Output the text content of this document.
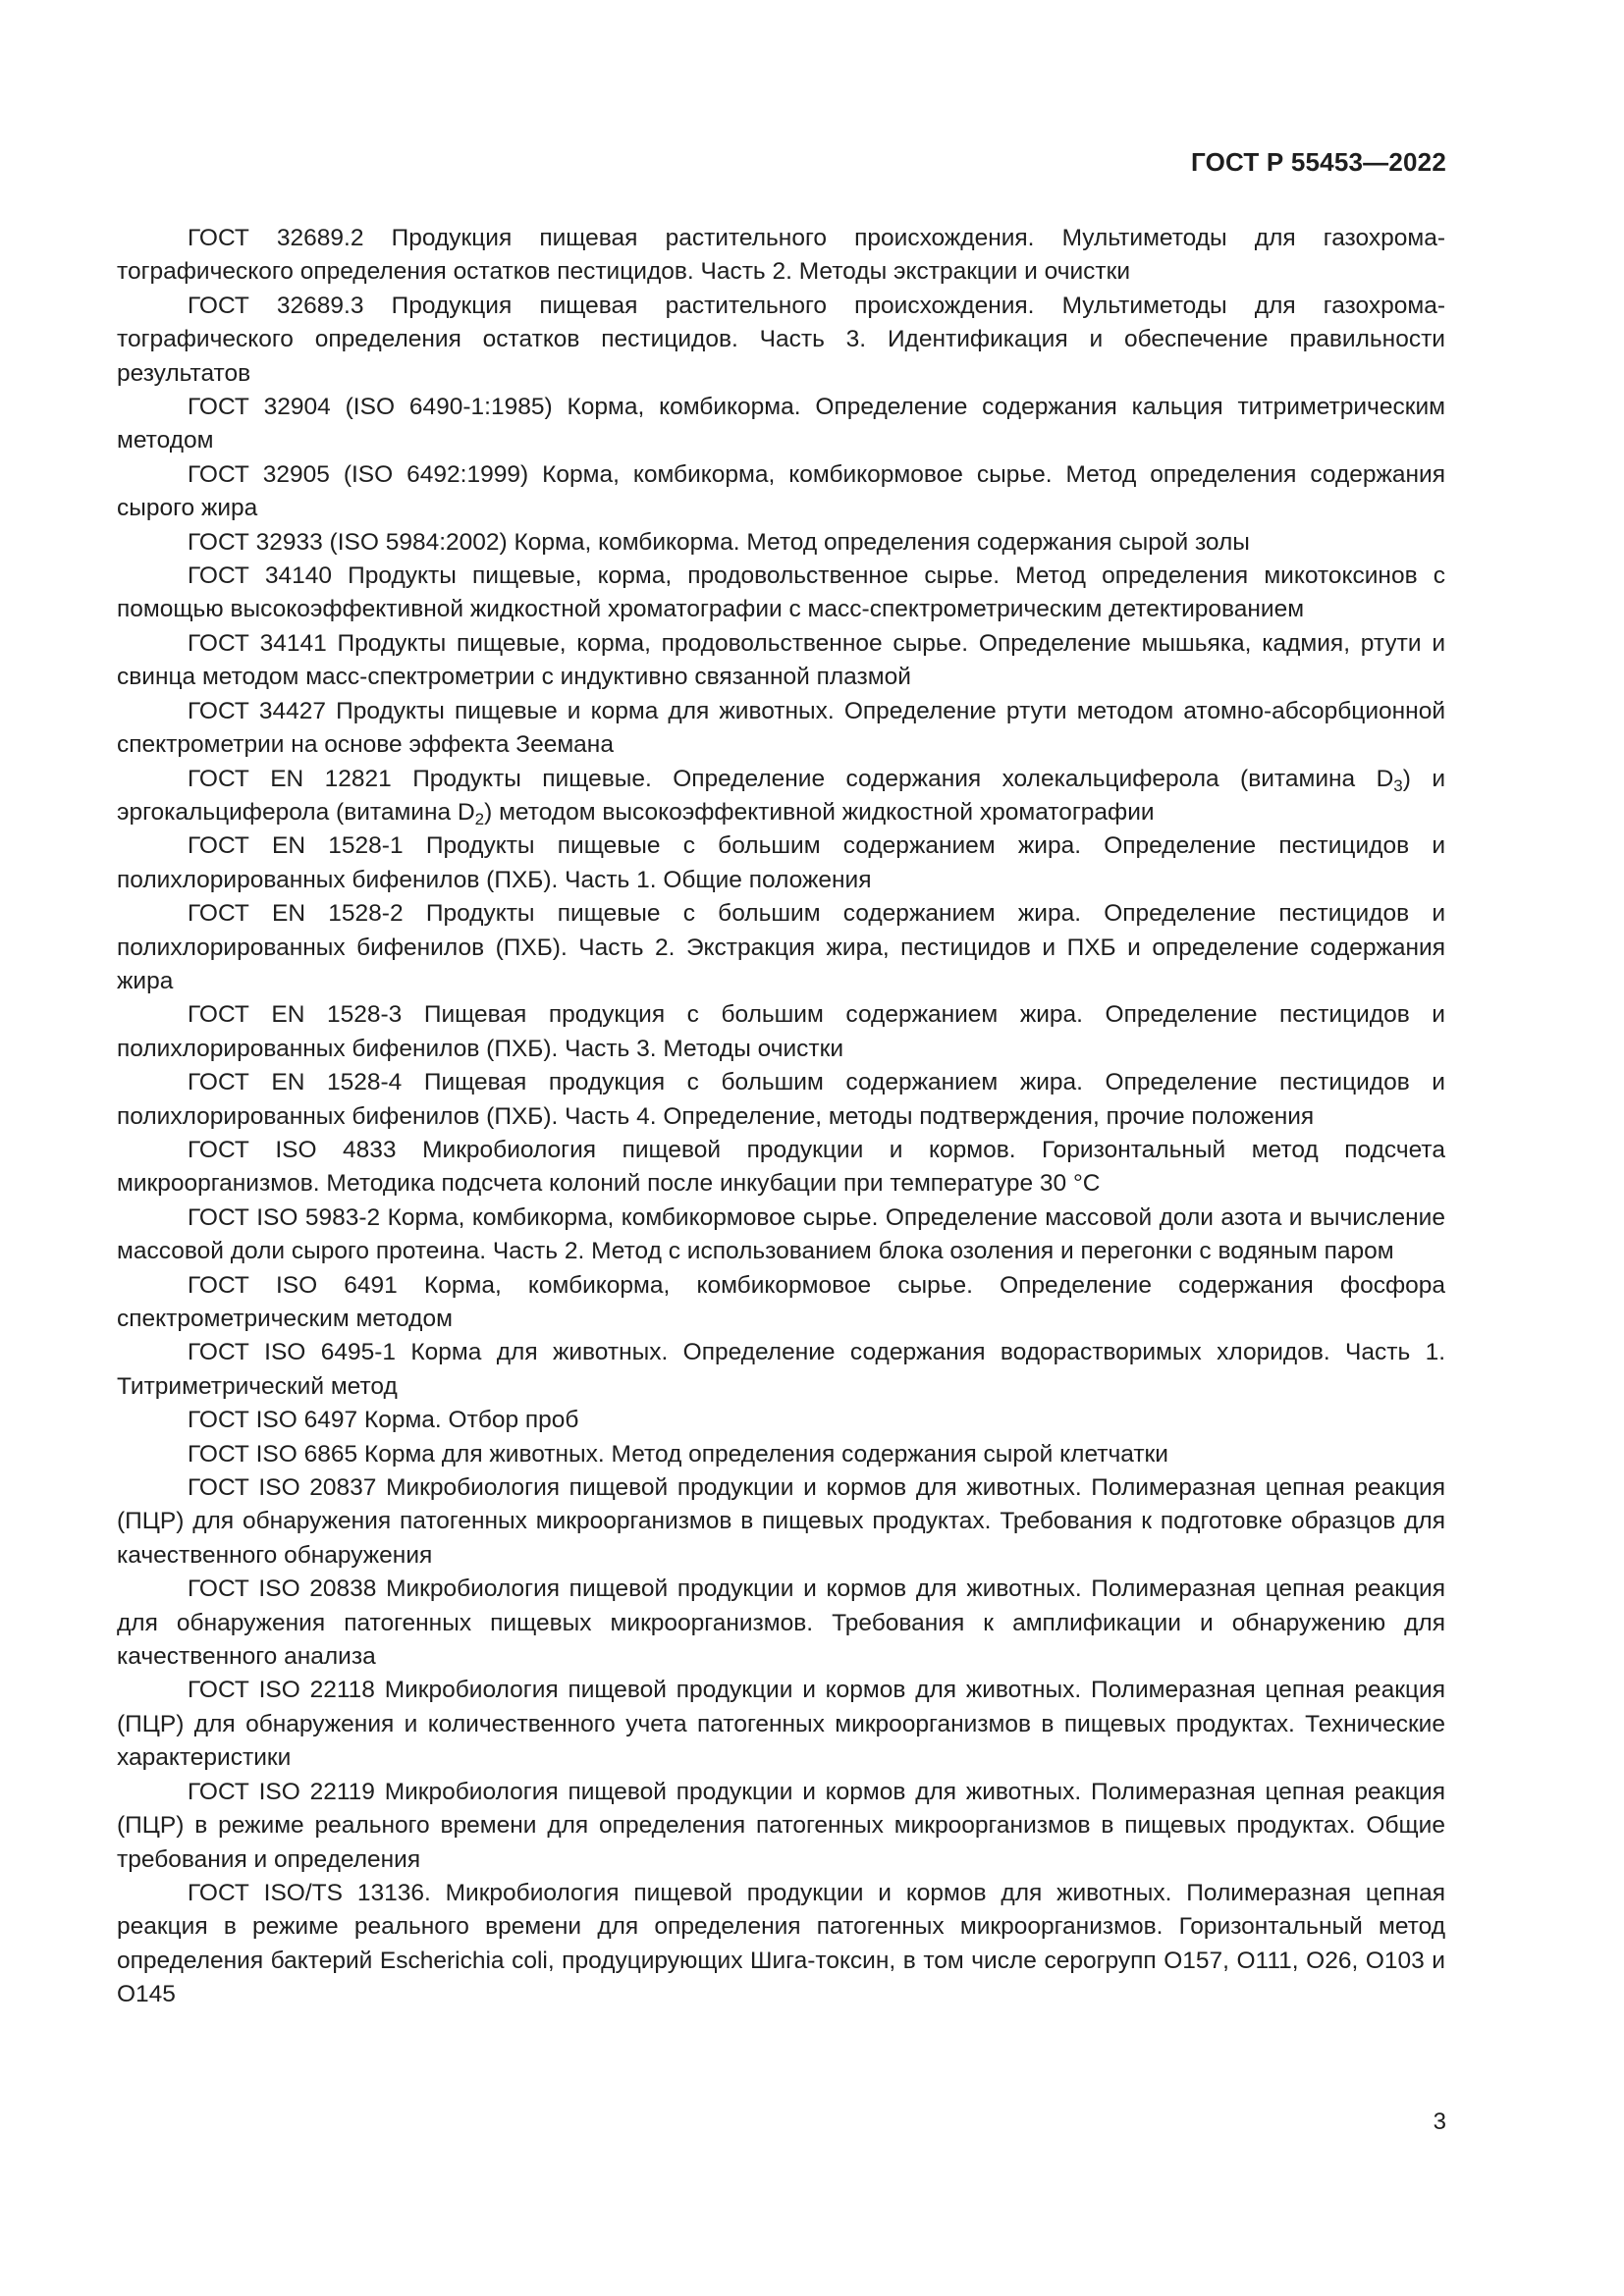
ГОСТ Р 55453—2022

ГОСТ 32689.2 Продукция пищевая растительного происхождения. Мультиметоды для газохроматографического определения остатков пестицидов. Часть 2. Методы экстракции и очистки

ГОСТ 32689.3 Продукция пищевая растительного происхождения. Мультиметоды для газохроматографического определения остатков пестицидов. Часть 3. Идентификация и обеспечение правильности результатов

ГОСТ 32904 (ISO 6490-1:1985) Корма, комбикорма. Определение содержания кальция титриметрическим методом

ГОСТ 32905 (ISO 6492:1999) Корма, комбикорма, комбикормовое сырье. Метод определения содержания сырого жира

ГОСТ 32933 (ISO 5984:2002) Корма, комбикорма. Метод определения содержания сырой золы

ГОСТ 34140 Продукты пищевые, корма, продовольственное сырье. Метод определения микотоксинов с помощью высокоэффективной жидкостной хроматографии с масс-спектрометрическим детектированием

ГОСТ 34141 Продукты пищевые, корма, продовольственное сырье. Определение мышьяка, кадмия, ртути и свинца методом масс-спектрометрии с индуктивно связанной плазмой

ГОСТ 34427 Продукты пищевые и корма для животных. Определение ртути методом атомно-абсорбционной спектрометрии на основе эффекта Зеемана

ГОСТ EN 12821 Продукты пищевые. Определение содержания холекальциферола (витамина $D_3$) и эргокальциферола (витамина $D_2$) методом высокоэффективной жидкостной хроматографии

ГОСТ EN 1528-1 Продукты пищевые с большим содержанием жира. Определение пестицидов и полихлорированных бифенилов (ПХБ). Часть 1. Общие положения

ГОСТ EN 1528-2 Продукты пищевые с большим содержанием жира. Определение пестицидов и полихлорированных бифенилов (ПХБ). Часть 2. Экстракция жира, пестицидов и ПХБ и определение содержания жира

ГОСТ EN 1528-3 Пищевая продукция с большим содержанием жира. Определение пестицидов и полихлорированных бифенилов (ПХБ). Часть 3. Методы очистки

ГОСТ EN 1528-4 Пищевая продукция с большим содержанием жира. Определение пестицидов и полихлорированных бифенилов (ПХБ). Часть 4. Определение, методы подтверждения, прочие положения

ГОСТ ISO 4833 Микробиология пищевой продукции и кормов. Горизонтальный метод подсчета микроорганизмов. Методика подсчета колоний после инкубации при температуре 30 °С

ГОСТ ISO 5983-2 Корма, комбикорма, комбикормовое сырье. Определение массовой доли азота и вычисление массовой доли сырого протеина. Часть 2. Метод с использованием блока озоления и перегонки с водяным паром

ГОСТ ISO 6491 Корма, комбикорма, комбикормовое сырье. Определение содержания фосфора спектрометрическим методом

ГОСТ ISO 6495-1 Корма для животных. Определение содержания водорастворимых хлоридов. Часть 1. Титриметрический метод

ГОСТ ISO 6497 Корма. Отбор проб

ГОСТ ISO 6865 Корма для животных. Метод определения содержания сырой клетчатки

ГОСТ ISO 20837 Микробиология пищевой продукции и кормов для животных. Полимеразная цепная реакция (ПЦР) для обнаружения патогенных микроорганизмов в пищевых продуктах. Требования к подготовке образцов для качественного обнаружения

ГОСТ ISO 20838 Микробиология пищевой продукции и кормов для животных. Полимеразная цепная реакция для обнаружения патогенных пищевых микроорганизмов. Требования к амплификации и обнаружению для качественного анализа

ГОСТ ISO 22118 Микробиология пищевой продукции и кормов для животных. Полимеразная цепная реакция (ПЦР) для обнаружения и количественного учета патогенных микроорганизмов в пищевых продуктах. Технические характеристики

ГОСТ ISO 22119 Микробиология пищевой продукции и кормов для животных. Полимеразная цепная реакция (ПЦР) в режиме реального времени для определения патогенных микроорганизмов в пищевых продуктах. Общие требования и определения

ГОСТ ISO/TS 13136. Микробиология пищевой продукции и кормов для животных. Полимеразная цепная реакция в режиме реального времени для определения патогенных микроорганизмов. Горизонтальный метод определения бактерий Escherichia coli, продуцирующих Шига-токсин, в том числе серогрупп О157, О111, О26, О103 и О145

3
